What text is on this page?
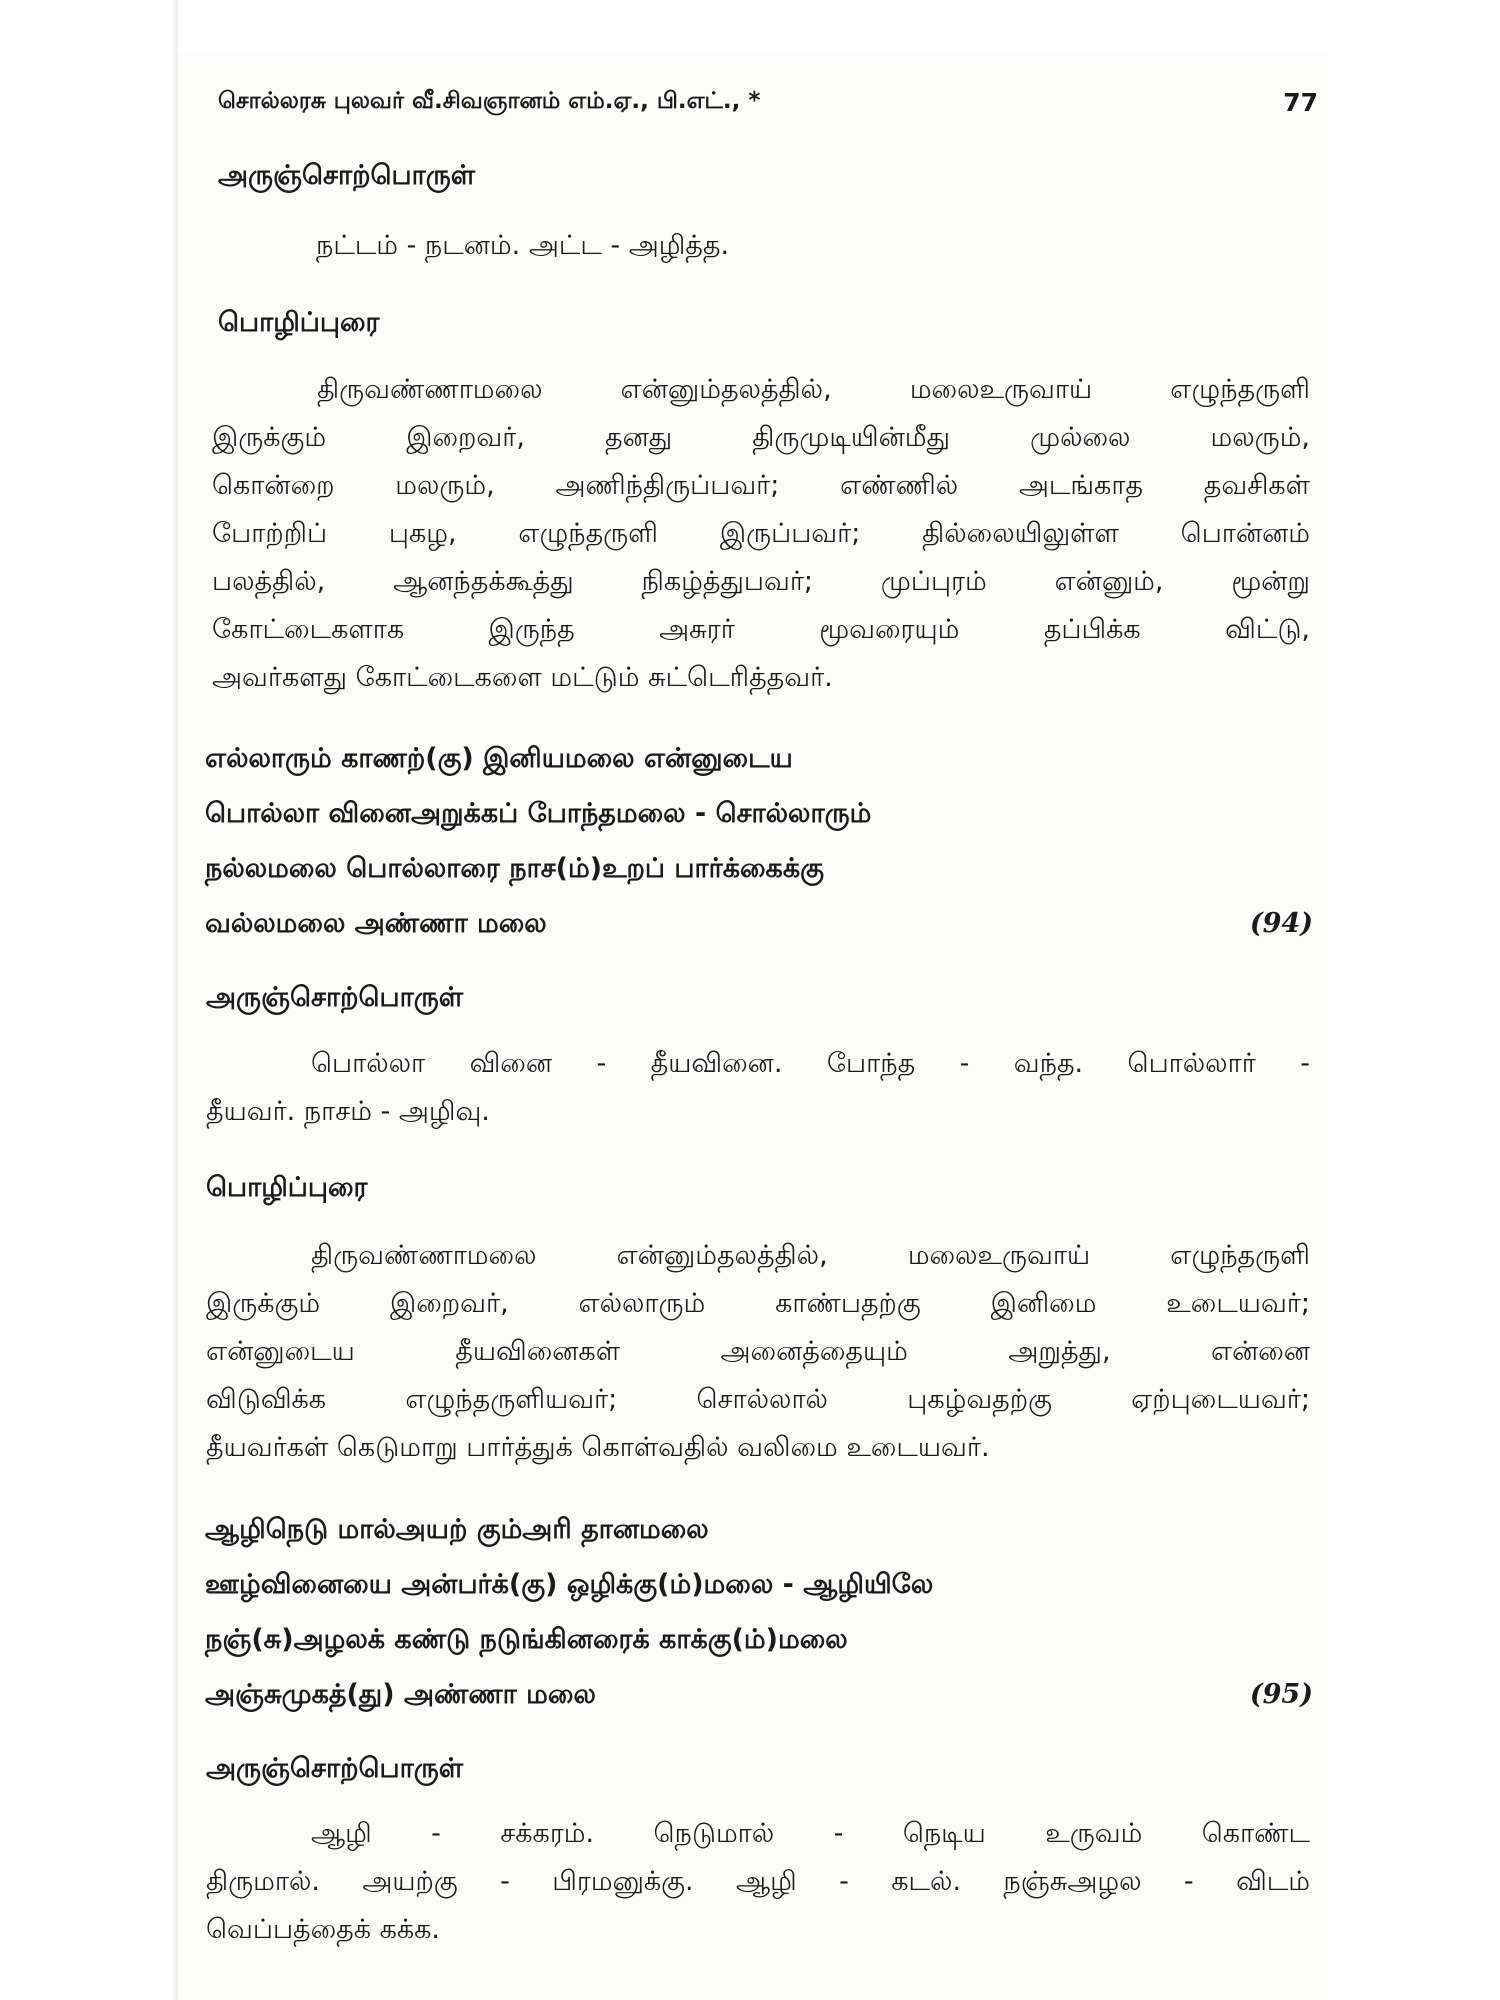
சொல்லரசு புலவர் வீ.சிவஞானம் எம்.ஏ., பி.எட்., *	77
அருஞ்சொற்பொருள்
நட்டம் - நடனம். அட்ட - அழித்த.
பொழிப்புரை
திருவண்ணாமலை என்னும்தலத்தில், மலைஉருவாய் எழுந்தருளி
இருக்கும் இறைவர், தனது திருமுடியின்மீது முல்லை மலரும்,
கொன்றை மலரும், அணிந்திருப்பவர்; எண்ணில் அடங்காத தவசிகள்
போற்றிப் புகழ, எழுந்தருளி இருப்பவர்; தில்லையிலுள்ள பொன்னம்
பலத்தில், ஆனந்தக்கூத்து நிகழ்த்துபவர்; முப்புரம் என்னும், மூன்று
கோட்டைகளாக இருந்த அசுரர் மூவரையும் தப்பிக்க விட்டு,
அவர்களது கோட்டைகளை மட்டும் சுட்டெரித்தவர்.
எல்லாரும் காணற்(கு) இனியமலை என்னுடைய
பொல்லா வினைஅறுக்கப் போந்தமலை - சொல்லாரும்
நல்லமலை பொல்லாரை நாச(ம்)உறப் பார்க்கைக்கு
வல்லமலை அண்ணா மலை	(94)
அருஞ்சொற்பொருள்
பொல்லா வினை - தீயவினை. போந்த - வந்த. பொல்லார் -
தீயவர். நாசம் - அழிவு.
பொழிப்புரை
திருவண்ணாமலை என்னும்தலத்தில், மலைஉருவாய் எழுந்தருளி
இருக்கும் இறைவர், எல்லாரும் காண்பதற்கு இனிமை உடையவர்;
என்னுடைய தீயவினைகள் அனைத்தையும் அறுத்து, என்னை
விடுவிக்க எழுந்தருளியவர்; சொல்லால் புகழ்வதற்கு ஏற்புடையவர்;
தீயவர்கள் கெடுமாறு பார்த்துக் கொள்வதில் வலிமை உடையவர்.
ஆழிநெடு மால்அயற் கும்அரி தானமலை
ஊழ்வினையை அன்பர்க்(கு) ஒழிக்கு(ம்)மலை - ஆழியிலே
நஞ்(சு)அழலக் கண்டு நடுங்கினரைக் காக்கு(ம்)மலை
அஞ்சுமுகத்(து) அண்ணா மலை	(95)
அருஞ்சொற்பொருள்
ஆழி - சக்கரம். நெடுமால் - நெடிய உருவம் கொண்ட
திருமால். அயற்கு - பிரமனுக்கு. ஆழி - கடல். நஞ்சுஅழல - விடம்
வெப்பத்தைக் கக்க.
